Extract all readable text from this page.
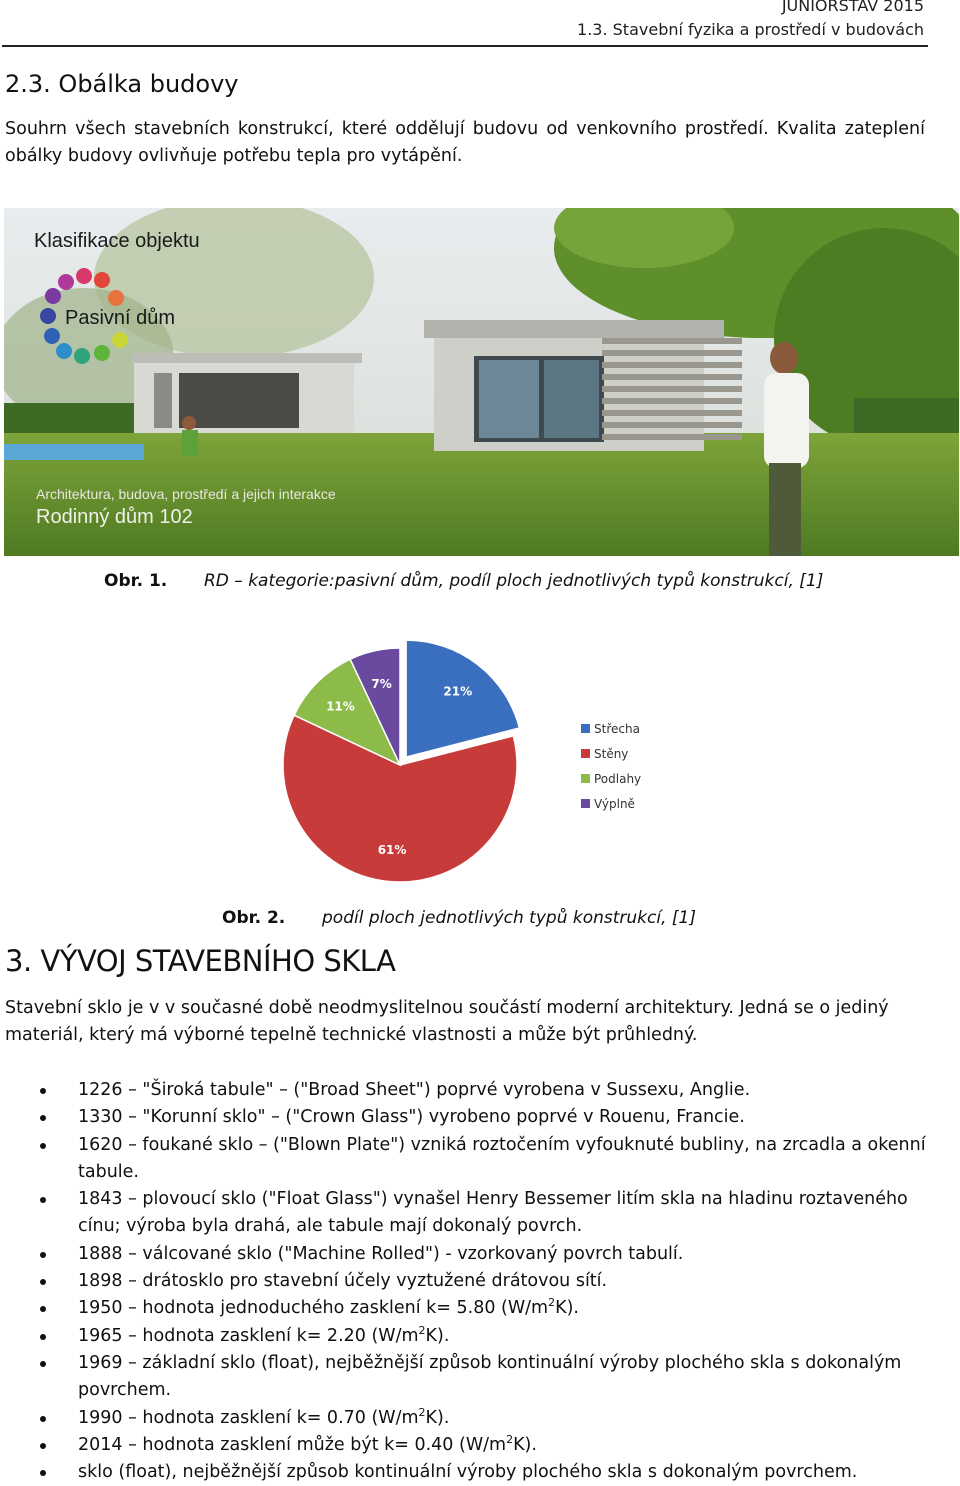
JUNIORSTAV 2015
1.3. Stavební fyzika a prostředí v budovách
2.3. Obálka budovy
Souhrn všech stavebních konstrukcí, které oddělují budovu od venkovního prostředí. Kvalita zateplení obálky budovy ovlivňuje potřebu tepla pro vytápění.
Klasifikace objektu
Pasivní dům
Architektura, budova, prostředí a jejich interakce
Rodinný dům 102
Obr. 1. RD – kategorie:pasivní dům, podíl ploch jednotlivých typů konstrukcí, [1]
21%
61%
11%
7%
Střecha
Stěny
Podlahy
Výplně
Obr. 2. podíl ploch jednotlivých typů konstrukcí, [1]
3. VÝVOJ STAVEBNÍHO SKLA
Stavební sklo je v v současné době neodmyslitelnou součástí moderní architektury. Jedná se o jediný materiál, který má výborné tepelně technické vlastnosti a může být průhledný.
1226 – "Široká tabule" – ("Broad Sheet") poprvé vyrobena v Sussexu, Anglie.
1330 – "Korunní sklo" – ("Crown Glass") vyrobeno poprvé v Rouenu, Francie.
1620 – foukané sklo – ("Blown Plate") vzniká roztočením vyfouknuté bubliny, na zrcadla a okenní tabule.
1843 – plovoucí sklo ("Float Glass") vynašel Henry Bessemer litím skla na hladinu roztaveného cínu; výroba byla drahá, ale tabule mají dokonalý povrch.
1888 – válcované sklo ("Machine Rolled") - vzorkovaný povrch tabulí.
1898 – drátosklo pro stavební účely vyztužené drátovou sítí.
1950 – hodnota jednoduchého zasklení k= 5.80 $(W/m^2K)$.
1965 – hodnota zasklení k= 2.20 $(W/m^2K)$.
1969 – základní sklo (float), nejběžnější způsob kontinuální výroby plochého skla s dokonalým povrchem.
1990 – hodnota zasklení k= 0.70 $(W/m^2K)$.
2014 – hodnota zasklení může být k= 0.40 $(W/m^2K)$.
sklo (float), nejběžnější způsob kontinuální výroby plochého skla s dokonalým povrchem.
